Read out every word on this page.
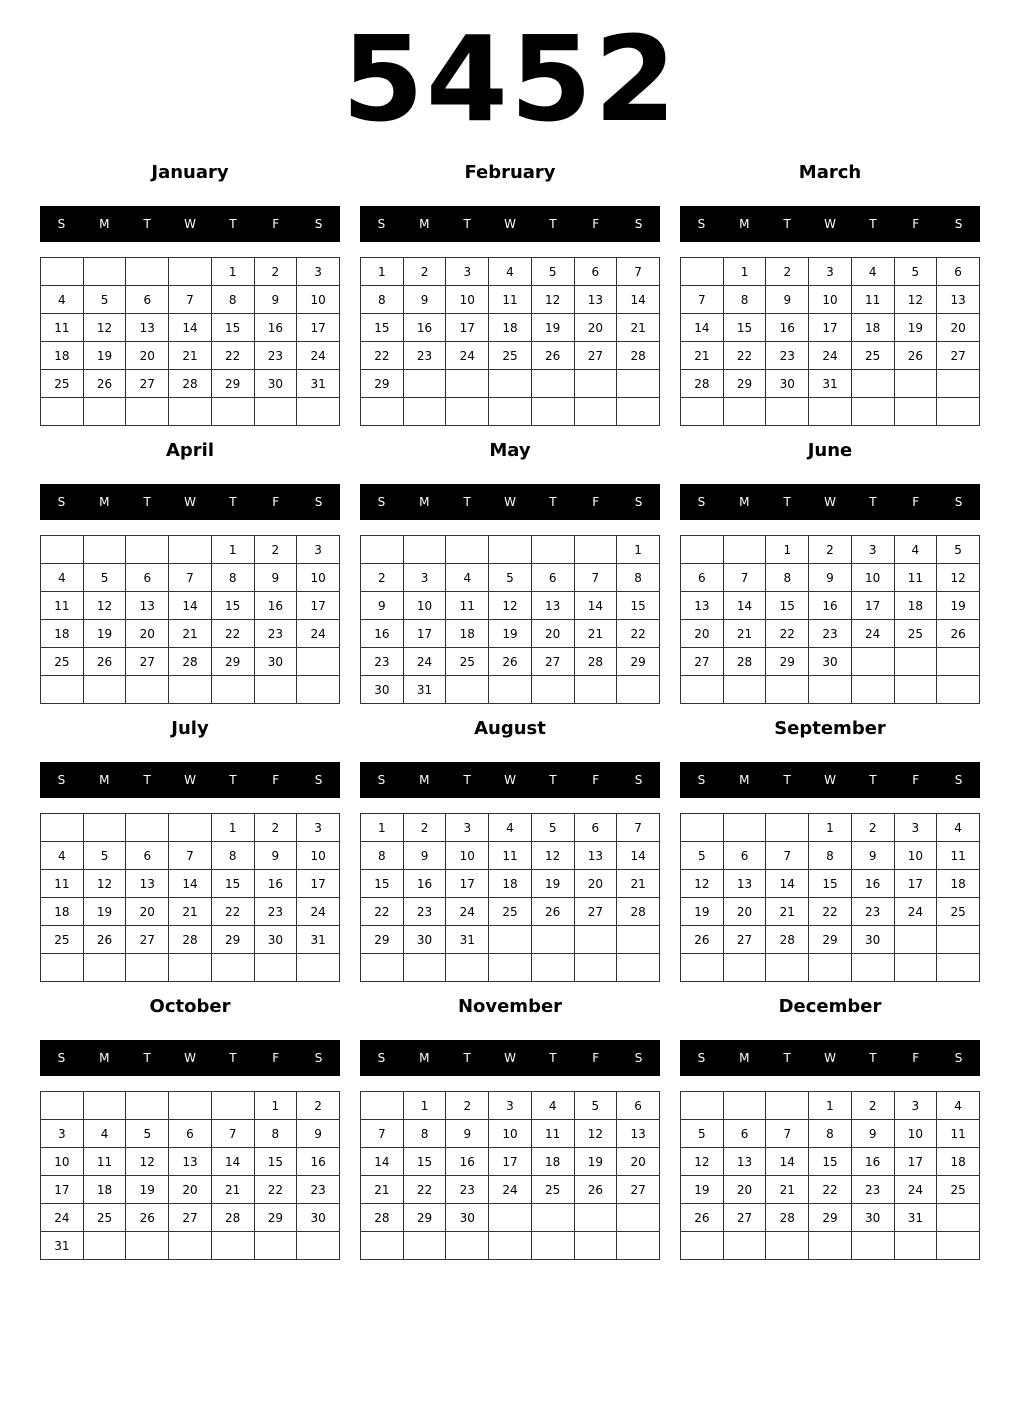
5452
January
S	M	T	W	T	F	S
				1	2	3
4	5	6	7	8	9	10
11	12	13	14	15	16	17
18	19	20	21	22	23	24
25	26	27	28	29	30	31

February
S	M	T	W	T	F	S
1	2	3	4	5	6	7
8	9	10	11	12	13	14
15	16	17	18	19	20	21
22	23	24	25	26	27	28
29						

March
S	M	T	W	T	F	S
	1	2	3	4	5	6
7	8	9	10	11	12	13
14	15	16	17	18	19	20
21	22	23	24	25	26	27
28	29	30	31			

April
S	M	T	W	T	F	S
				1	2	3
4	5	6	7	8	9	10
11	12	13	14	15	16	17
18	19	20	21	22	23	24
25	26	27	28	29	30	

May
S	M	T	W	T	F	S
						1
2	3	4	5	6	7	8
9	10	11	12	13	14	15
16	17	18	19	20	21	22
23	24	25	26	27	28	29
30	31					
June
S	M	T	W	T	F	S
		1	2	3	4	5
6	7	8	9	10	11	12
13	14	15	16	17	18	19
20	21	22	23	24	25	26
27	28	29	30			

July
S	M	T	W	T	F	S
				1	2	3
4	5	6	7	8	9	10
11	12	13	14	15	16	17
18	19	20	21	22	23	24
25	26	27	28	29	30	31

August
S	M	T	W	T	F	S
1	2	3	4	5	6	7
8	9	10	11	12	13	14
15	16	17	18	19	20	21
22	23	24	25	26	27	28
29	30	31				

September
S	M	T	W	T	F	S
			1	2	3	4
5	6	7	8	9	10	11
12	13	14	15	16	17	18
19	20	21	22	23	24	25
26	27	28	29	30		

October
S	M	T	W	T	F	S
					1	2
3	4	5	6	7	8	9
10	11	12	13	14	15	16
17	18	19	20	21	22	23
24	25	26	27	28	29	30
31						
November
S	M	T	W	T	F	S
	1	2	3	4	5	6
7	8	9	10	11	12	13
14	15	16	17	18	19	20
21	22	23	24	25	26	27
28	29	30				

December
S	M	T	W	T	F	S
			1	2	3	4
5	6	7	8	9	10	11
12	13	14	15	16	17	18
19	20	21	22	23	24	25
26	27	28	29	30	31	
